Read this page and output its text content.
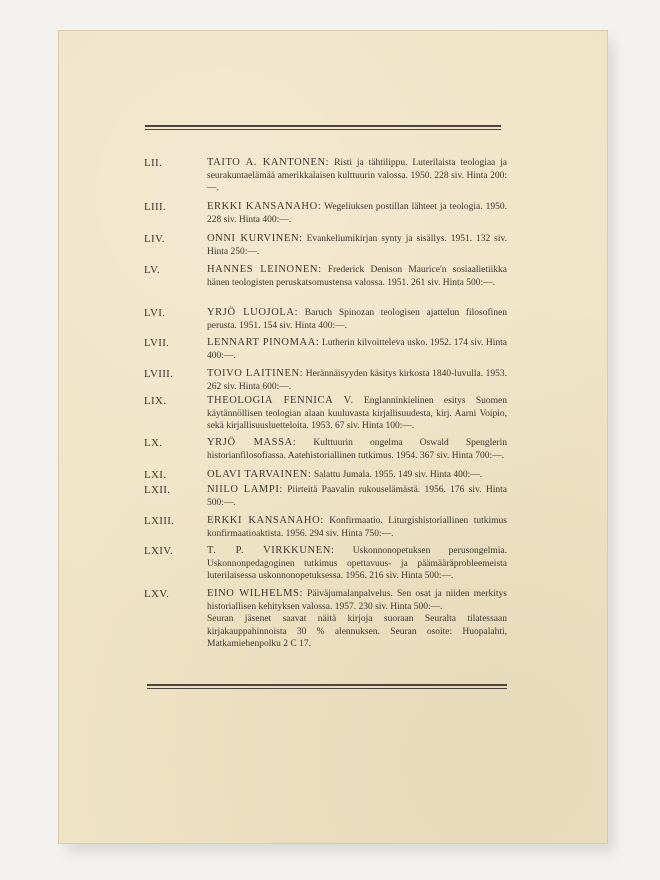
LII.	TAITO A. KANTONEN: Risti ja tähtilippu. Luterilaista teologiaa ja seurakuntaelämää amerikkalaisen kulttuurin valossa. 1950. 228 siv. Hinta 200:—.
LIII.	ERKKI KANSANAHO: Wegeliuksen postillan lähteet ja teologia. 1950. 228 siv. Hinta 400:—.
LIV.	ONNI KURVINEN: Evankeliumikirjan synty ja sisällys. 1951. 132 siv. Hinta 250:—.
LV.	HANNES LEINONEN: Frederick Denison Maurice'n sosiaalietiikka hänen teologisten peruskatsomustensa valossa. 1951. 261 siv. Hinta 500:—.
LVI.	YRJÖ LUOJOLA: Baruch Spinozan teologisen ajattelun filosofinen perusta. 1951. 154 siv. Hinta 400:—.
LVII.	LENNART PINOMAA: Lutherin kilvoitteleva usko. 1952. 174 siv. Hinta 400:—.
LVIII.	TOIVO LAITINEN: Herännäisyyden käsitys kirkosta 1840-luvulla. 1953. 262 siv. Hinta 600:—.
LIX.	THEOLOGIA FENNICA V. Englanninkielinen esitys Suomen käytännöllisen teologian alaan kuuluvasta kirjallisuudesta, kirj. Aarni Voipio, sekä kirjallisuusluetteloita. 1953. 67 siv. Hinta 100:—.
LX.	YRJÖ MASSA: Kulttuurin ongelma Oswald Spenglerin historianfilosofiassa. Aatehistoriallinen tutkimus. 1954. 367 siv. Hinta 700:—.
LXI.	OLAVI TARVAINEN: Salattu Jumala. 1955. 149 siv. Hinta 400:—.
LXII.	NIILO LAMPI: Piirteitä Paavalin rukouselämästä. 1956. 176 siv. Hinta 500:—.
LXIII.	ERKKI KANSANAHO: Konfirmaatio. Liturgishistoriallinen tutkimus konfirmaatioaktista. 1956. 294 siv. Hinta 750:—.
LXIV.	T. P. VIRKKUNEN: Uskonnonopetuksen perusongelmia. Uskonnonpedagoginen tutkimus opettavuus- ja päämääräprobleemeista luterilaisessa uskonnonopetuksessa. 1956. 216 siv. Hinta 500:—.
LXV.	EINO WILHELMS: Päiväjumalanpalvelus. Sen osat ja niiden merkitys historiallisen kehityksen valossa. 1957. 230 siv. Hinta 500:—.
Seuran jäsenet saavat näitä kirjoja suoraan Seuralta tilatessaan kirjakauppahinnoista 30 % alennuksen. Seuran osoite: Huopalahti, Matkamiehenpolku 2 C 17.
